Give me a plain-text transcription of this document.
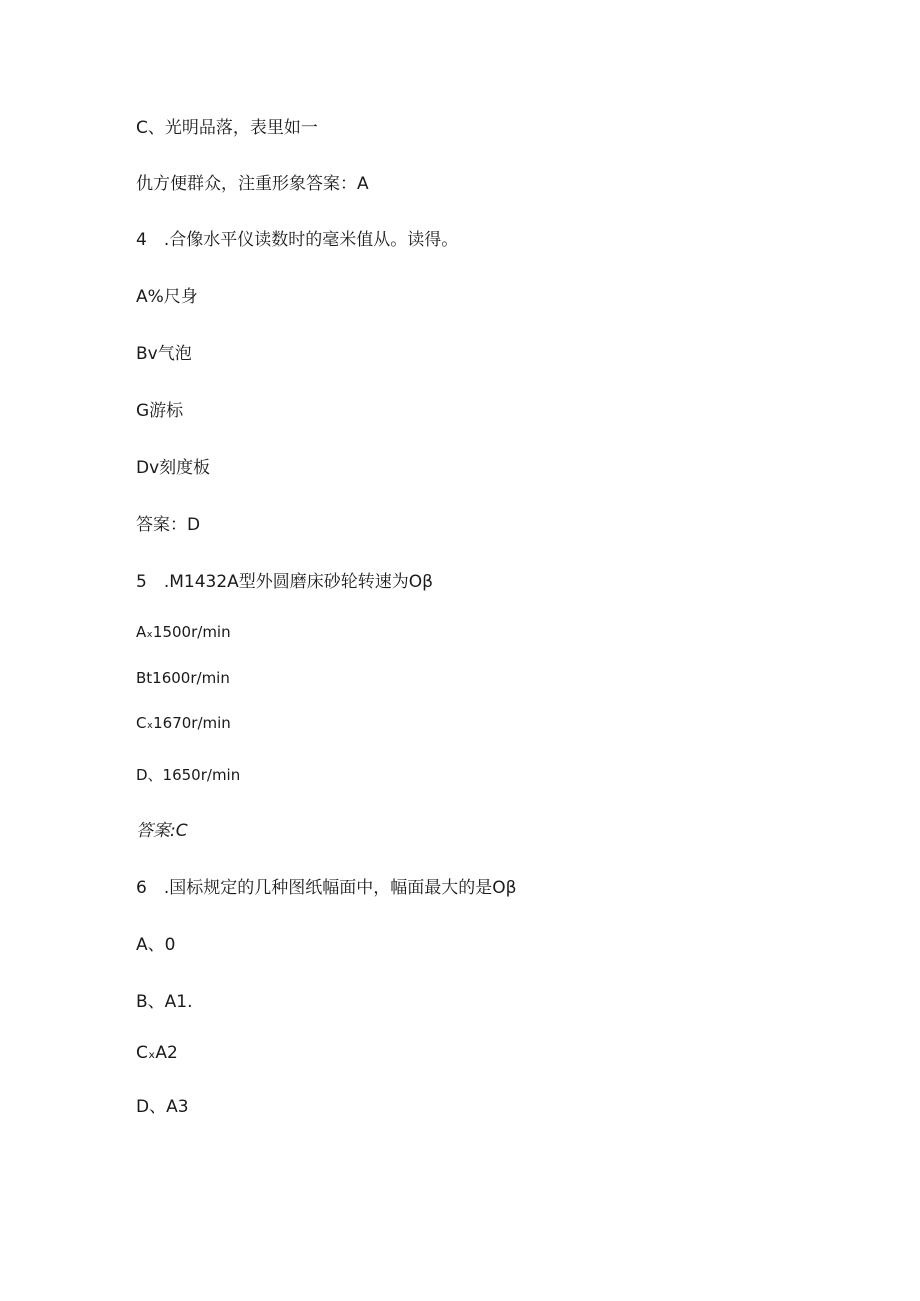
C、光明品落，表里如一

仇方便群众，注重形象答案：A

4　.合像水平仪读数时的毫米值从。读得。

A%尺身

Bv气泡

G游标

Dv刻度板

答案：D

5　.M1432A型外圆磨床砂轮转速为Oβ

Aₓ1500r/min

Bt1600r/min

Cₓ1670r/min

D、1650r/min

答案:C

6　.国标规定的几种图纸幅面中，幅面最大的是Oβ

A、0

B、A1.

CₓA2

D、A3
